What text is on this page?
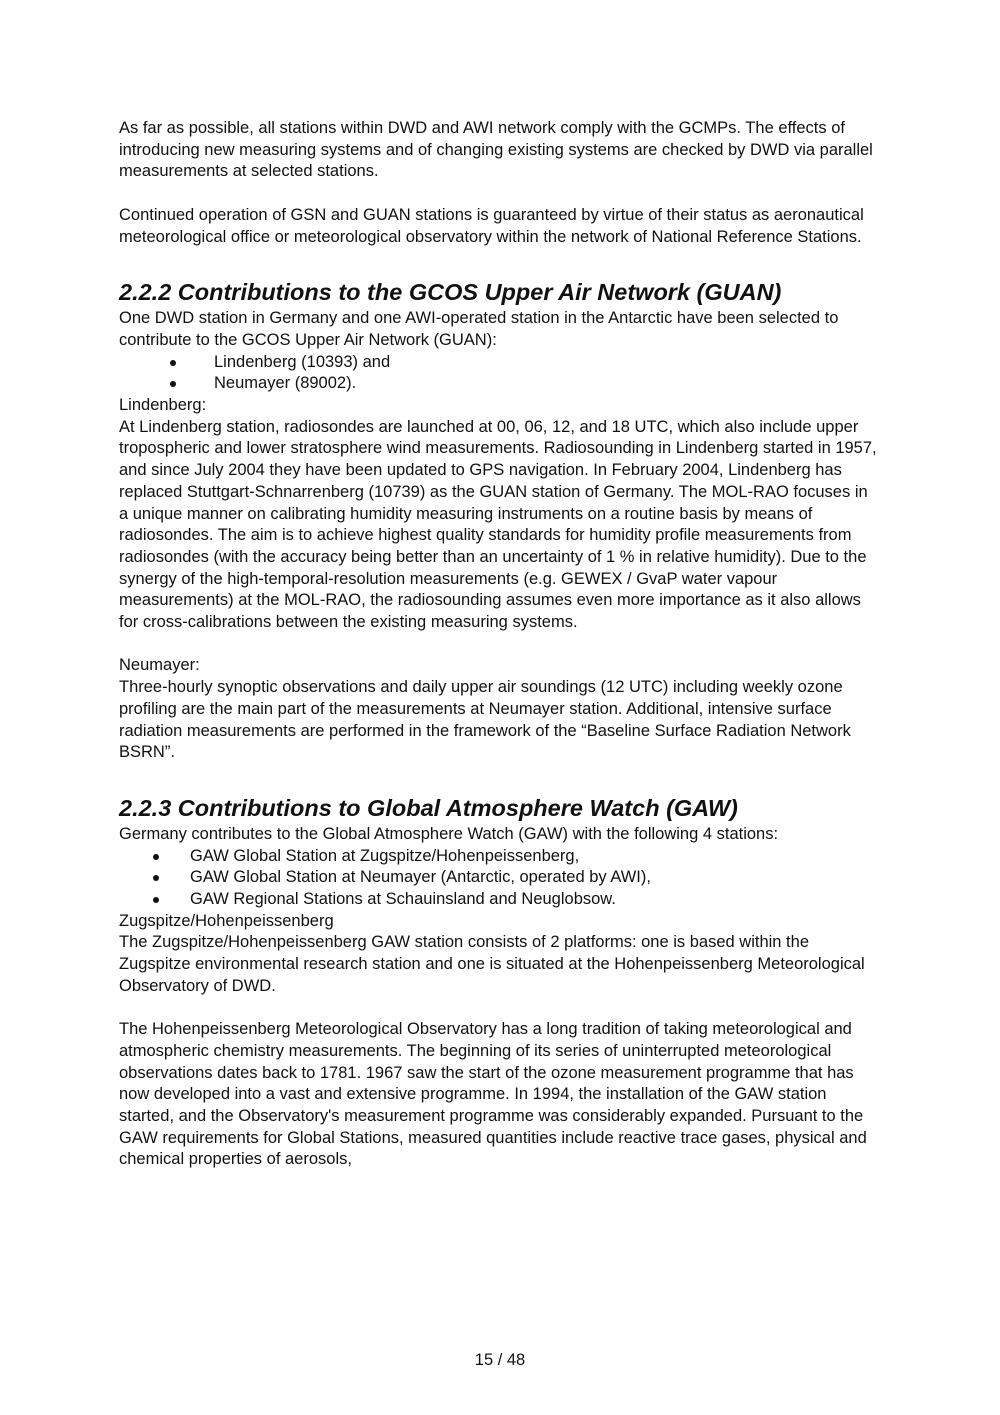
As far as possible, all stations within DWD and AWI network comply with the GCMPs. The effects of introducing new measuring systems and of changing existing systems are checked by DWD via parallel measurements at selected stations.

Continued operation of GSN and GUAN stations is guaranteed by virtue of their status as aeronautical meteorological office or meteorological observatory within the network of National Reference Stations.

2.2.2 Contributions to the GCOS Upper Air Network (GUAN)

One DWD station in Germany and one AWI-operated station in the Antarctic have been selected to contribute to the GCOS Upper Air Network (GUAN):

Lindenberg (10393) and
Neumayer (89002).

Lindenberg:

At Lindenberg station, radiosondes are launched at 00, 06, 12, and 18 UTC, which also include upper tropospheric and lower stratosphere wind measurements. Radiosounding in Lindenberg started in 1957, and since July 2004 they have been updated to GPS navigation. In February 2004, Lindenberg has replaced Stuttgart-Schnarrenberg (10739) as the GUAN station of Germany. The MOL-RAO focuses in a unique manner on calibrating humidity measuring instruments on a routine basis by means of radiosondes. The aim is to achieve highest quality standards for humidity profile measurements from radiosondes (with the accuracy being better than an uncertainty of 1 % in relative humidity). Due to the synergy of the high-temporal-resolution measurements (e.g. GEWEX / GvaP water vapour measurements) at the MOL-RAO, the radiosounding assumes even more importance as it also allows for cross-calibrations between the existing measuring systems.

Neumayer:

Three-hourly synoptic observations and daily upper air soundings (12 UTC) including weekly ozone profiling are the main part of the measurements at Neumayer station. Additional, intensive surface radiation measurements are performed in the framework of the “Baseline Surface Radiation Network BSRN”.

2.2.3 Contributions to Global Atmosphere Watch (GAW)

Germany contributes to the Global Atmosphere Watch (GAW) with the following 4 stations:

GAW Global Station at Zugspitze/Hohenpeissenberg,
GAW Global Station at Neumayer (Antarctic, operated by AWI),
GAW Regional Stations at Schauinsland and Neuglobsow.

Zugspitze/Hohenpeissenberg

The Zugspitze/Hohenpeissenberg GAW station consists of 2 platforms: one is based within the Zugspitze environmental research station and one is situated at the Hohenpeissenberg Meteorological Observatory of DWD.

The Hohenpeissenberg Meteorological Observatory has a long tradition of taking meteorological and atmospheric chemistry measurements. The beginning of its series of uninterrupted meteorological observations dates back to 1781. 1967 saw the start of the ozone measurement programme that has now developed into a vast and extensive programme. In 1994, the installation of the GAW station started, and the Observatory's measurement programme was considerably expanded. Pursuant to the GAW requirements for Global Stations, measured quantities include reactive trace gases, physical and chemical properties of aerosols,

15 / 48
